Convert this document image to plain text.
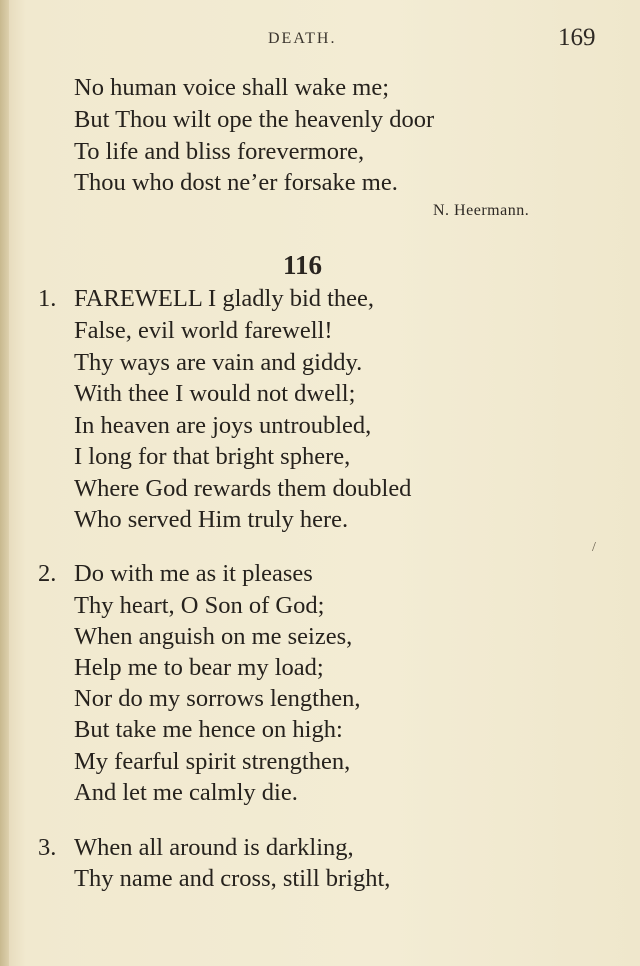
DEATH.	169
No human voice shall wake me;
But Thou wilt ope the heavenly door
To life and bliss forevermore,
Thou who dost ne’er forsake me.
N. Heermann.
116
1. FAREWELL I gladly bid thee,
False, evil world farewell!
Thy ways are vain and giddy.
With thee I would not dwell;
In heaven are joys untroubled,
I long for that bright sphere,
Where God rewards them doubled
Who served Him truly here.
2. Do with me as it pleases
Thy heart, O Son of God;
When anguish on me seizes,
Help me to bear my load;
Nor do my sorrows lengthen,
But take me hence on high:
My fearful spirit strengthen,
And let me calmly die.
3. When all around is darkling,
Thy name and cross, still bright,
/
